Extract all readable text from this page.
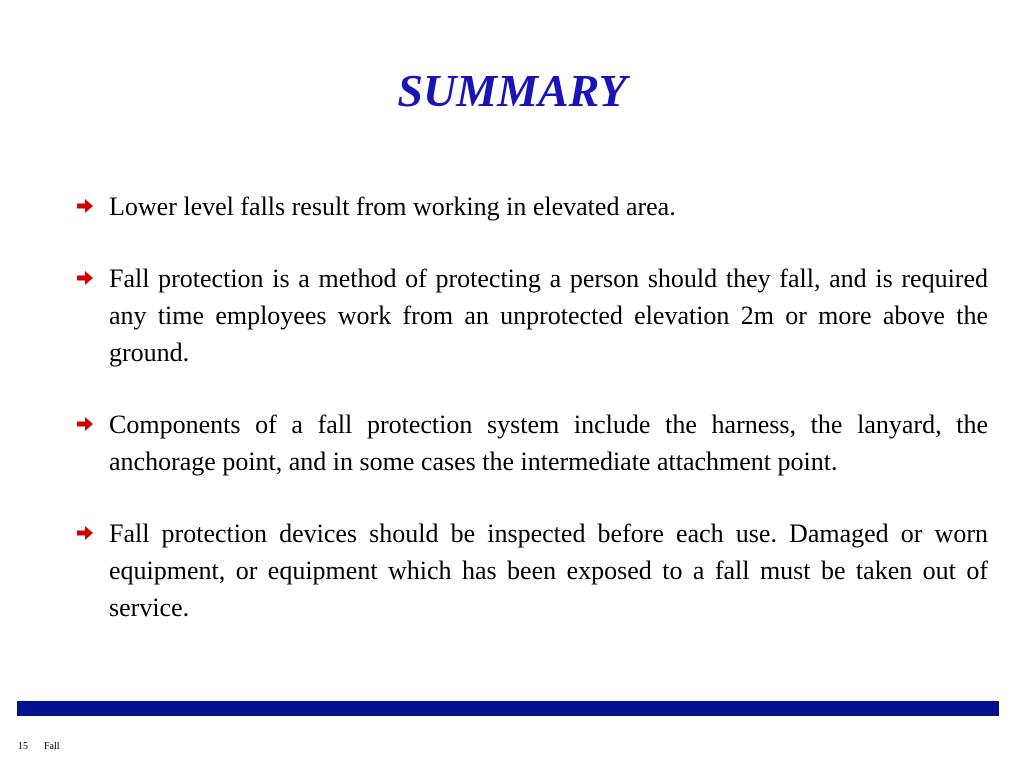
SUMMARY
Lower level falls result from working in elevated area.
Fall protection is a method of protecting a person should they fall, and is required any time employees work from an unprotected elevation 2m or more above the ground.
Components of a fall protection system include the harness, the lanyard, the anchorage point, and in some cases the intermediate attachment point.
Fall protection devices should be inspected before each use. Damaged or worn equipment, or equipment which has been exposed to a fall must be taken out of service.
15 Fall
